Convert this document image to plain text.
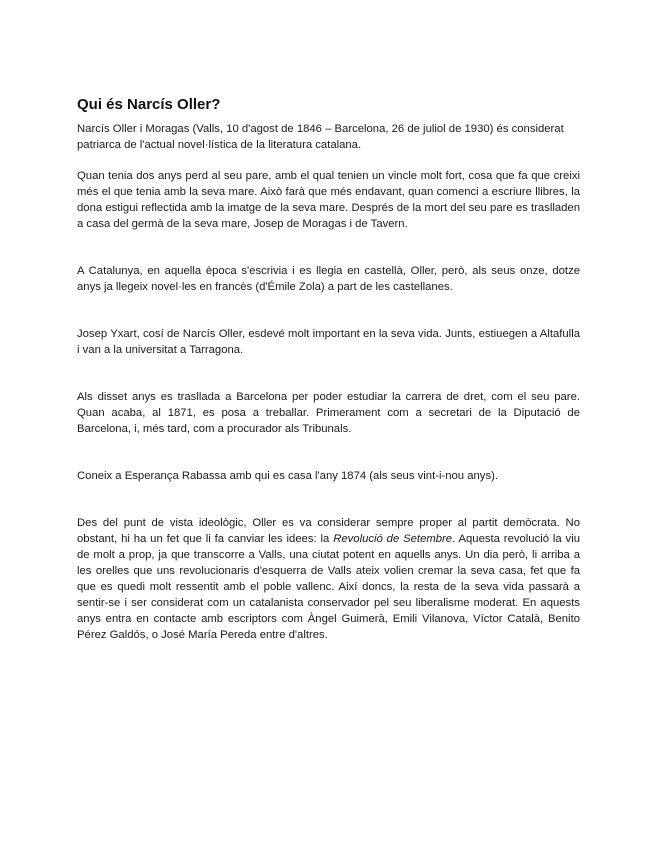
Qui és Narcís Oller?

Narcís Oller i Moragas (Valls, 10 d'agost de 1846 – Barcelona, 26 de juliol de 1930) és considerat patriarca de l'actual novel·lística de la literatura catalana.

Quan tenia dos anys perd al seu pare, amb el qual tenien un vincle molt fort, cosa que fa que creixi més el que tenia amb la seva mare. Això farà que més endavant, quan comenci a escriure llibres, la dona estigui reflectida amb la imatge de la seva mare. Després de la mort del seu pare es traslladen a casa del germà de la seva mare, Josep de Moragas i de Tavern.

A Catalunya, en aquella època s'escrivia i es llegia en castellà, Oller, però, als seus onze, dotze anys ja llegeix novel·les en francès (d'Émile Zola) a part de les castellanes.

Josep Yxart, cosí de Narcís Oller, esdevé molt important en la seva vida. Junts, estiuegen a Altafulla i van a la universitat a Tarragona.

Als disset anys es trasllada a Barcelona per poder estudiar la carrera de dret, com el seu pare. Quan acaba, al 1871, es posa a treballar. Primerament com a secretari de la Diputació de Barcelona, i, més tard, com a procurador als Tribunals.

Coneix a Esperança Rabassa amb qui es casa l'any 1874 (als seus vint-i-nou anys).

Des del punt de vista ideològic, Oller es va considerar sempre proper al partit demòcrata. No obstant, hi ha un fet que li fa canviar les idees: la Revolució de Setembre. Aquesta revolució la viu de molt a prop, ja que transcorre a Valls, una ciutat potent en aquells anys. Un dia però, li arriba a les orelles que uns revolucionaris d'esquerra de Valls ateix volien cremar la seva casa, fet que fa que es quedi molt ressentit amb el poble vallenc. Així doncs, la resta de la seva vida passarà a sentir-se i ser considerat com un catalanista conservador pel seu liberalisme moderat. En aquests anys entra en contacte amb escriptors com Àngel Guimerà, Emili Vilanova, Víctor Català, Benito Pérez Galdós, o José María Pereda entre d'altres.
